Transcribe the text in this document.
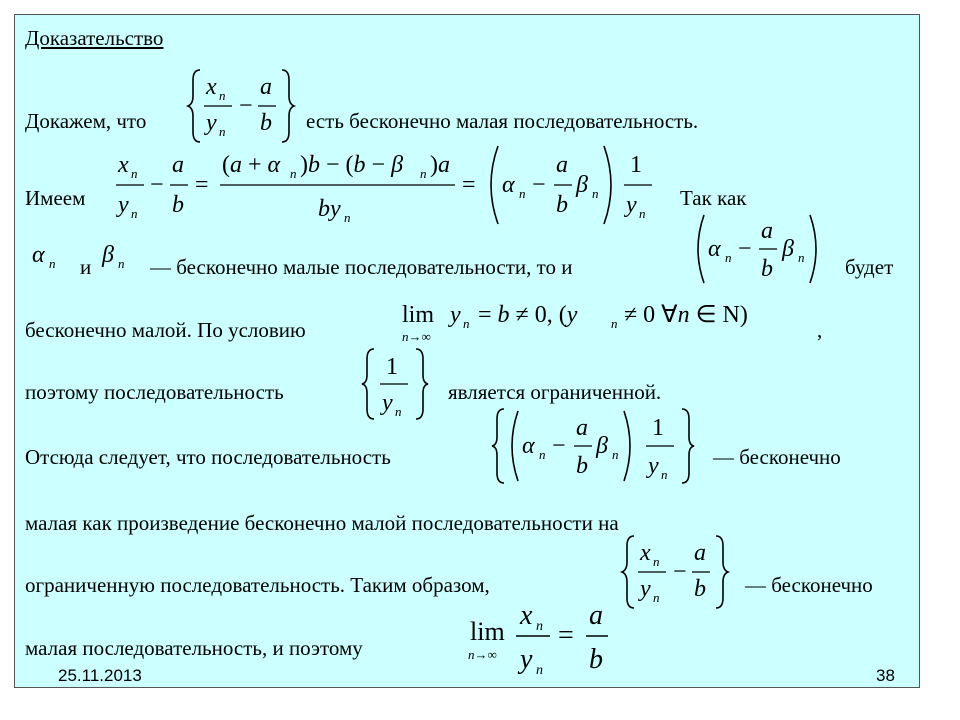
Доказательство
Докажем, что
x n
y n
−
a
b есть бесконечно малая последовательность.
Имеем
x n
y n
−
a
b
=
(a + α n )b − (b − β n )a
by n
= α n −
a
b
β n
1
y n
Так как
α n и β n — бесконечно малые последовательности, то и
α n −
a
b
β n будет
бесконечно малой. По условию
lim
n→∞
y n = b ≠ 0, (y	n ≠ 0 ∀n ∈ N)
,
поэтому последовательность
1
y n
является ограниченной.
Отсюда следует, что последовательность	α n −
a
b
β n
1
y n
— бесконечно
малая как произведение бесконечно малой последовательности на
ограниченную последовательность. Таким образом,
x n
y n
−
a
b — бесконечно
малая последовательность, и поэтому
lim
n→∞
x n
y n
=
a
b
25.11.2013	38
